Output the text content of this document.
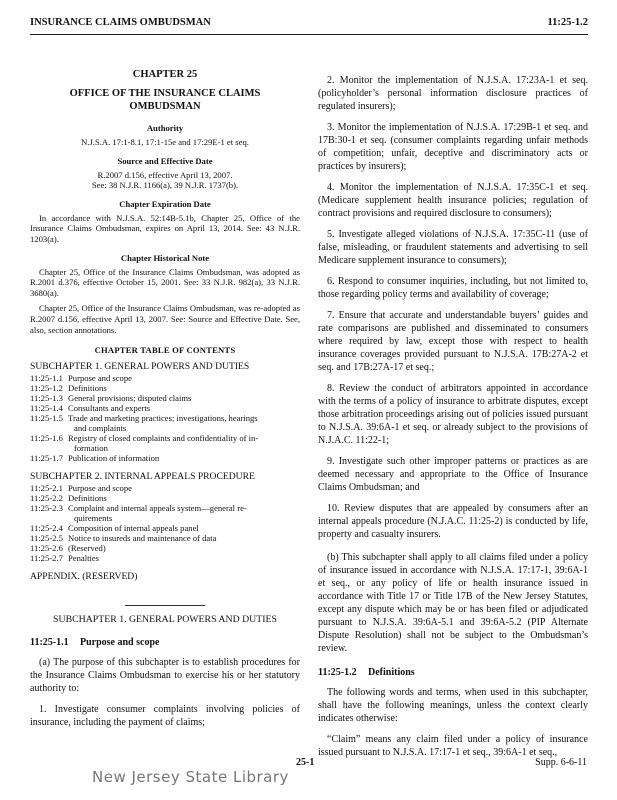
INSURANCE CLAIMS OMBUDSMAN	11:25-1.2
CHAPTER 25
OFFICE OF THE INSURANCE CLAIMS
OMBUDSMAN
Authority
N.J.S.A. 17:1-8.1, 17:1-15e and 17:29E-1 et seq.
Source and Effective Date
R.2007 d.156, effective April 13, 2007.
See: 38 N.J.R. 1166(a), 39 N.J.R. 1737(b).
Chapter Expiration Date

In accordance with N.J.S.A. 52:14B-5.1b, Chapter 25, Office of the Insurance Claims Ombudsman, expires on April 13, 2014. See: 43 N.J.R. 1203(a).

Chapter Historical Note

Chapter 25, Office of the Insurance Claims Ombudsman, was adopted as R.2001 d.376, effective October 15, 2001. See: 33 N.J.R. 982(a), 33 N.J.R. 3680(a).

Chapter 25, Office of the Insurance Claims Ombudsman, was re-adopted as R.2007 d.156, effective April 13, 2007. See: Source and Effective Date. See, also, section annotations.

CHAPTER TABLE OF CONTENTS
SUBCHAPTER 1. GENERAL POWERS AND DUTIES
11:25-1.1 Purpose and scope
11:25-1.2 Definitions
11:25-1.3 General provisions; disputed claims
11:25-1.4 Consultants and experts
11:25-1.5 Trade and marketing practices; investigations, hearings
and complaints
11:25-1.6 Registry of closed complaints and confidentiality of in-
formation
11:25-1.7 Publication of information
SUBCHAPTER 2. INTERNAL APPEALS PROCEDURE
11:25-2.1 Purpose and scope
11:25-2.2 Definitions
11:25-2.3 Complaint and internal appeals system—general re-
quirements
11:25-2.4 Composition of internal appeals panel
11:25-2.5 Notice to insureds and maintenance of data
11:25-2.6 (Reserved)
11:25-2.7 Penalties
APPENDIX. (RESERVED)
SUBCHAPTER 1. GENERAL POWERS AND DUTIES
11:25-1.1 Purpose and scope

(a) The purpose of this subchapter is to establish procedures for the Insurance Claims Ombudsman to exercise his or her statutory authority to:

1. Investigate consumer complaints involving policies of insurance, including the payment of claims;

2. Monitor the implementation of N.J.S.A. 17:23A-1 et seq. (policyholder’s personal information disclosure practices of regulated insurers);

3. Monitor the implementation of N.J.S.A. 17:29B-1 et seq. and 17B:30-1 et seq. (consumer complaints regarding unfair methods of competition; unfair, deceptive and discriminatory acts or practices by insurers);

4. Monitor the implementation of N.J.S.A. 17:35C-1 et seq. (Medicare supplement health insurance policies; regulation of contract provisions and required disclosure to consumers);

5. Investigate alleged violations of N.J.S.A. 17:35C-11 (use of false, misleading, or fraudulent statements and advertising to sell Medicare supplement insurance to consumers);

6. Respond to consumer inquiries, including, but not limited to, those regarding policy terms and availability of coverage;

7. Ensure that accurate and understandable buyers’ guides and rate comparisons are published and disseminated to consumers where required by law, except those with respect to health insurance coverages provided pursuant to N.J.S.A. 17B:27A-2 et seq. and 17B:27A-17 et seq.;

8. Review the conduct of arbitrators appointed in accordance with the terms of a policy of insurance to arbitrate disputes, except those arbitration proceedings arising out of policies issued pursuant to N.J.S.A. 39:6A-1 et seq. or already subject to the provisions of N.J.A.C. 11:22-1;

9. Investigate such other improper patterns or practices as are deemed necessary and appropriate to the Office of Insurance Claims Ombudsman; and

10. Review disputes that are appealed by consumers after an internal appeals procedure (N.J.A.C. 11:25-2) is conducted by life, property and casualty insurers.

(b) This subchapter shall apply to all claims filed under a policy of insurance issued in accordance with N.J.S.A. 17:17-1, 39:6A-1 et seq., or any policy of life or health insurance issued in accordance with Title 17 or Title 17B of the New Jersey Statutes, except any dispute which may be or has been filed or adjudicated pursuant to N.J.S.A. 39:6A-5.1 and 39:6A-5.2 (PIP Alternate Dispute Resolution) shall not be subject to the Ombudsman’s review.

11:25-1.2 Definitions

The following words and terms, when used in this subchapter, shall have the following meanings, unless the context clearly indicates otherwise:

“Claim” means any claim filed under a policy of insurance issued pursuant to N.J.S.A. 17:17-1 et seq., 39:6A-1 et seq.,

25-1	Supp. 6-6-11
New Jersey State Library
